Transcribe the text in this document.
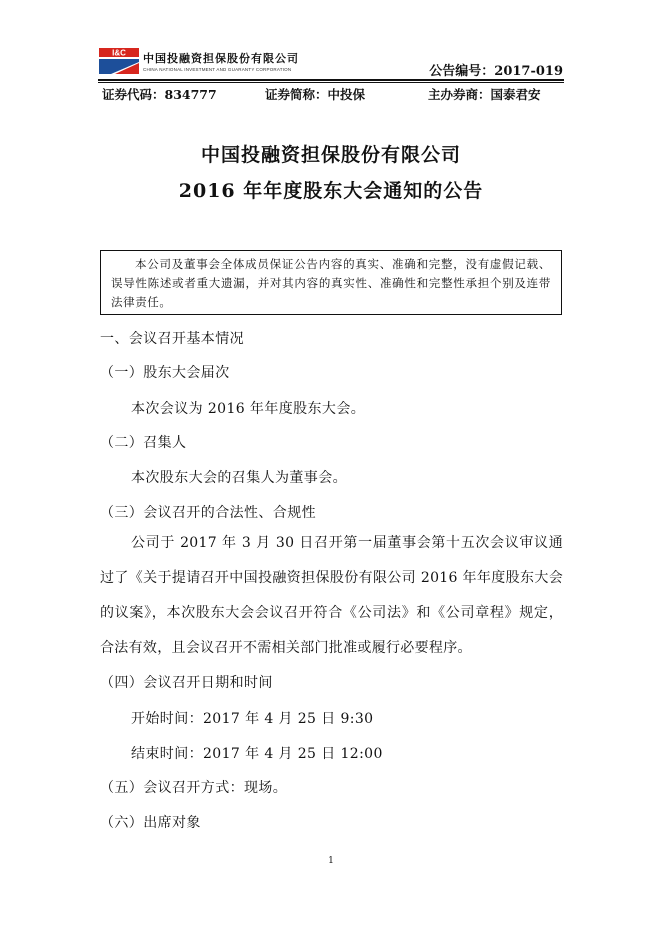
I&C 中国投融资担保股份有限公司
CHINA NATIONAL INVESTMENT AND GUARANTY CORPORATION	公告编号：2017-019
证券代码：834777	证券简称：中投保	主办券商：国泰君安
中国投融资担保股份有限公司
2016 年年度股东大会通知的公告
本公司及董事会全体成员保证公告内容的真实、准确和完整，没有虚假记载、误导性陈述或者重大遗漏，并对其内容的真实性、准确性和完整性承担个别及连带法律责任。
一、会议召开基本情况
（一）股东大会届次
本次会议为 2016 年年度股东大会。
（二）召集人
本次股东大会的召集人为董事会。
（三）会议召开的合法性、合规性
公司于 2017 年 3 月 30 日召开第一届董事会第十五次会议审议通过了《关于提请召开中国投融资担保股份有限公司 2016 年年度股东大会的议案》，本次股东大会会议召开符合《公司法》和《公司章程》规定，合法有效，且会议召开不需相关部门批准或履行必要程序。
（四）会议召开日期和时间
开始时间：2017 年 4 月 25 日 9:30
结束时间：2017 年 4 月 25 日 12:00
（五）会议召开方式：现场。
（六）出席对象
1
